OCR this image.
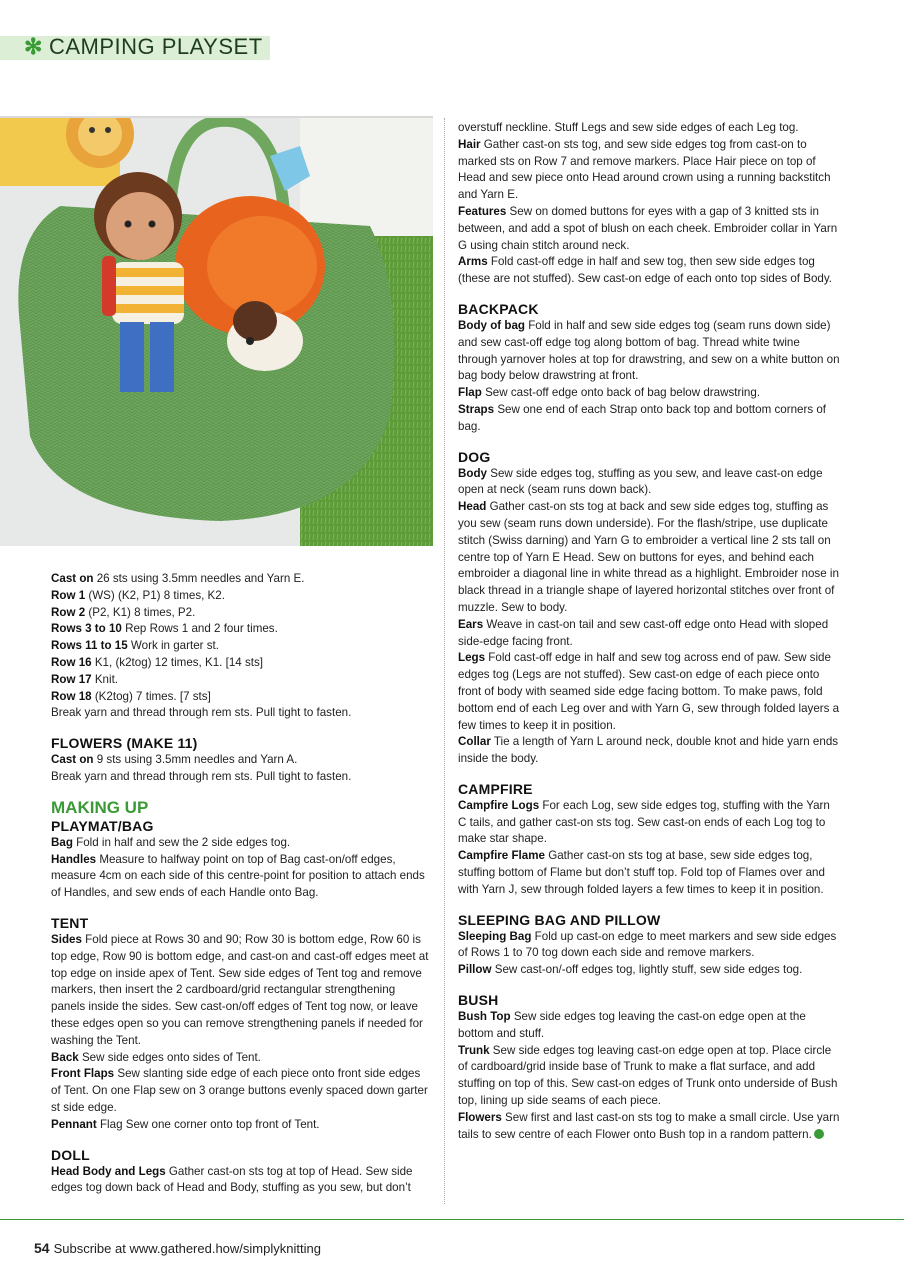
✻ CAMPING PLAYSET

Cast on 26 sts using 3.5mm needles and Yarn E.

Row 1 (WS) (K2, P1) 8 times, K2.

Row 2 (P2, K1) 8 times, P2.

Rows 3 to 10 Rep Rows 1 and 2 four times.

Rows 11 to 15 Work in garter st.

Row 16 K1, (k2tog) 12 times, K1. [14 sts]

Row 17 Knit.

Row 18 (K2tog) 7 times. [7 sts]

Break yarn and thread through rem sts. Pull tight to fasten.

FLOWERS (MAKE 11)

Cast on 9 sts using 3.5mm needles and Yarn A.

Break yarn and thread through rem sts. Pull tight to fasten.

MAKING UP
PLAYMAT/BAG

Bag Fold in half and sew the 2 side edges tog.

Handles Measure to halfway point on top of Bag cast-on/off edges, measure 4cm on each side of this centre-point for position to attach ends of Handles, and sew ends of each Handle onto Bag.

TENT

Sides Fold piece at Rows 30 and 90; Row 30 is bottom edge, Row 60 is top edge, Row 90 is bottom edge, and cast-on and cast-off edges meet at top edge on inside apex of Tent. Sew side edges of Tent tog and remove markers, then insert the 2 cardboard/grid rectangular strengthening panels inside the sides. Sew cast-on/off edges of Tent tog now, or leave these edges open so you can remove strengthening panels if needed for washing the Tent.

Back Sew side edges onto sides of Tent.

Front Flaps Sew slanting side edge of each piece onto front side edges of Tent. On one Flap sew on 3 orange buttons evenly spaced down garter st side edge.

Pennant Flag Sew one corner onto top front of Tent.

DOLL

Head Body and Legs Gather cast-on sts tog at top of Head. Sew side edges tog down back of Head and Body, stuffing as you sew, but don’t

overstuff neckline. Stuff Legs and sew side edges of each Leg tog.

Hair Gather cast-on sts tog, and sew side edges tog from cast-on to marked sts on Row 7 and remove markers. Place Hair piece on top of Head and sew piece onto Head around crown using a running backstitch and Yarn E.

Features Sew on domed buttons for eyes with a gap of 3 knitted sts in between, and add a spot of blush on each cheek. Embroider collar in Yarn G using chain stitch around neck.

Arms Fold cast-off edge in half and sew tog, then sew side edges tog (these are not stuffed). Sew cast-on edge of each onto top sides of Body.

BACKPACK

Body of bag Fold in half and sew side edges tog (seam runs down side) and sew cast-off edge tog along bottom of bag. Thread white twine through yarnover holes at top for drawstring, and sew on a white button on bag body below drawstring at front.

Flap Sew cast-off edge onto back of bag below drawstring.

Straps Sew one end of each Strap onto back top and bottom corners of bag.

DOG

Body Sew side edges tog, stuffing as you sew, and leave cast-on edge open at neck (seam runs down back).

Head Gather cast-on sts tog at back and sew side edges tog, stuffing as you sew (seam runs down underside). For the flash/stripe, use duplicate stitch (Swiss darning) and Yarn G to embroider a vertical line 2 sts tall on centre top of Yarn E Head. Sew on buttons for eyes, and behind each embroider a diagonal line in white thread as a highlight. Embroider nose in black thread in a triangle shape of layered horizontal stitches over front of muzzle. Sew to body.

Ears Weave in cast-on tail and sew cast-off edge onto Head with sloped side-edge facing front.

Legs Fold cast-off edge in half and sew tog across end of paw. Sew side edges tog (Legs are not stuffed). Sew cast-on edge of each piece onto front of body with seamed side edge facing bottom. To make paws, fold bottom end of each Leg over and with Yarn G, sew through folded layers a few times to keep it in position.

Collar Tie a length of Yarn L around neck, double knot and hide yarn ends inside the body.

CAMPFIRE

Campfire Logs For each Log, sew side edges tog, stuffing with the Yarn C tails, and gather cast-on sts tog. Sew cast-on ends of each Log tog to make star shape.

Campfire Flame Gather cast-on sts tog at base, sew side edges tog, stuffing bottom of Flame but don’t stuff top. Fold top of Flames over and with Yarn J, sew through folded layers a few times to keep it in position.

SLEEPING BAG AND PILLOW

Sleeping Bag Fold up cast-on edge to meet markers and sew side edges of Rows 1 to 70 tog down each side and remove markers.

Pillow Sew cast-on/-off edges tog, lightly stuff, sew side edges tog.

BUSH

Bush Top Sew side edges tog leaving the cast-on edge open at the bottom and stuff.

Trunk Sew side edges tog leaving cast-on edge open at top. Place circle of cardboard/grid inside base of Trunk to make a flat surface, and add stuffing on top of this. Sew cast-on edges of Trunk onto underside of Bush top, lining up side seams of each piece.

Flowers Sew first and last cast-on sts tog to make a small circle. Use yarn tails to sew centre of each Flower onto Bush top in a random pattern.

54 Subscribe at www.gathered.how/simplyknitting
